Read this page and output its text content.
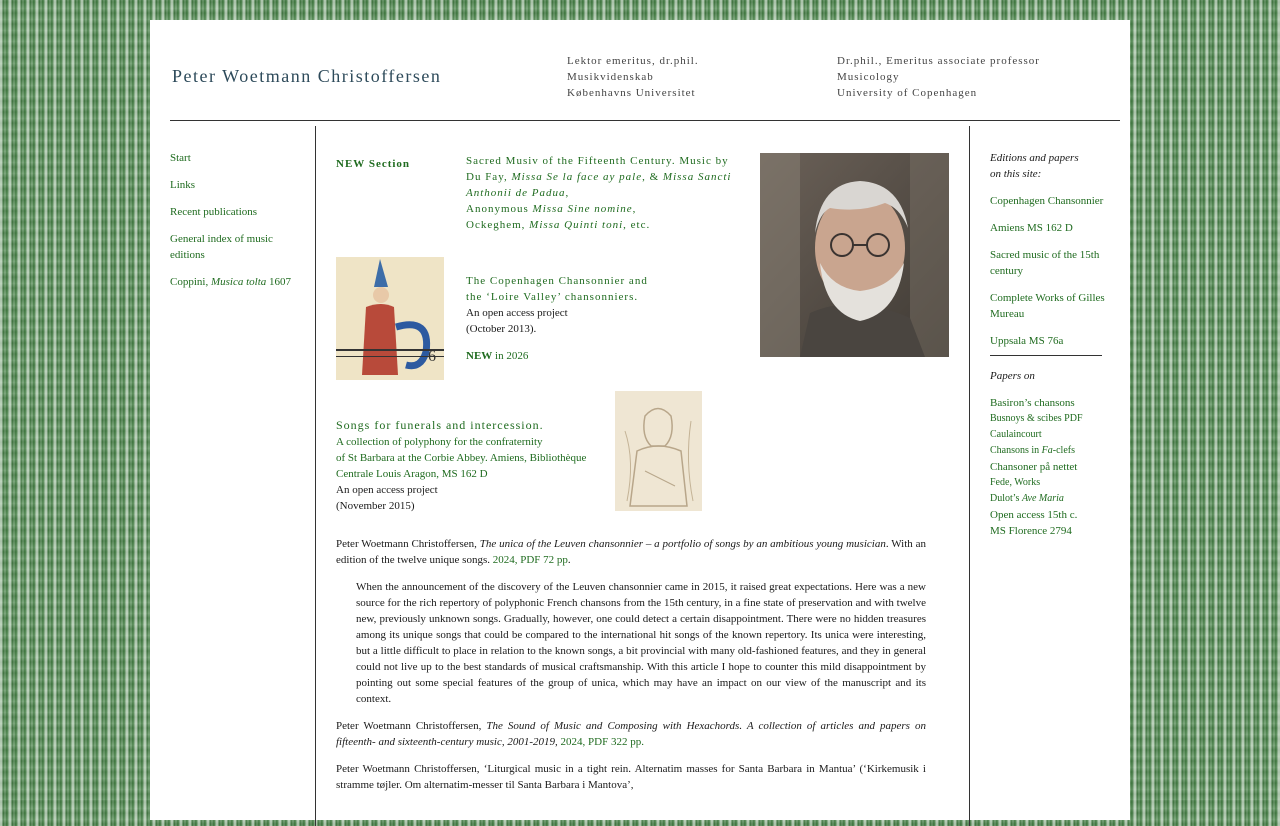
Peter Woetmann Christoffersen
Lektor emeritus, dr.phil.
Musikvidenskab
Københavns Universitet
Dr.phil., Emeritus associate professor
Musicology
University of Copenhagen
Start
Links
Recent publications
General index of music
editions
Coppini, Musica tolta 1607
NEW Section	Sacred Musiv of the Fifteenth Century. Music by
Du Fay, Missa Se la face ay pale, & Missa Sancti
Anthonii de Padua,
Anonymous Missa Sine nomine,
Ockeghem, Missa Quinti toni, etc.
6
The Copenhagen Chansonnier and
the ‘Loire Valley’ chansonniers.
An open access project
(October 2013).
NEW in 2026
Songs for funerals and intercession.
A collection of polyphony for the confraternity
of St Barbara at the Corbie Abbey. Amiens, Bibliothèque
Centrale Louis Aragon, MS 162 D
An open access project
(November 2015)
Peter Woetmann Christoffersen, The unica of the Leuven chansonnier – a portfolio of songs by an ambitious young musician. With an edition of the twelve unique songs. 2024, PDF 72 pp.
When the announcement of the discovery of the Leuven chansonnier came in 2015, it raised great expectations. Here was a new source for the rich repertory of polyphonic French chansons from the 15th century, in a fine state of preservation and with twelve new, previously unknown songs. Gradually, however, one could detect a certain disappointment. There were no hidden treasures among its unique songs that could be compared to the international hit songs of the known repertory. Its unica were interesting, but a little difficult to place in relation to the known songs, a bit provincial with many old-fashioned features, and they in general could not live up to the best standards of musical craftsmanship. With this article I hope to counter this mild disappointment by pointing out some special features of the group of unica, which may have an impact on our view of the manuscript and its context.
Peter Woetmann Christoffersen, The Sound of Music and Composing with Hexachords. A collection of articles and papers on fifteenth- and sixteenth-century music, 2001-2019, 2024, PDF 322 pp.
Peter Woetmann Christoffersen, ‘Liturgical music in a tight rein. Alternatim masses for Santa Barbara in Mantua’ (‘Kirkemusik i stramme tøjler. Om alternatim-messer til Santa Barbara i Mantova’,
Editions and papers
on this site:
Copenhagen Chansonnier
Amiens MS 162 D
Sacred music of the 15th century
Complete Works of Gilles Mureau
Uppsala MS 76a
Papers on
Basiron’s chansons
Busnoys & scibes PDF
Caulaincourt
Chansons in Fa-clefs
Chansoner på nettet
Fede, Works
Dulot’s Ave Maria
Open access 15th c.
MS Florence 2794
